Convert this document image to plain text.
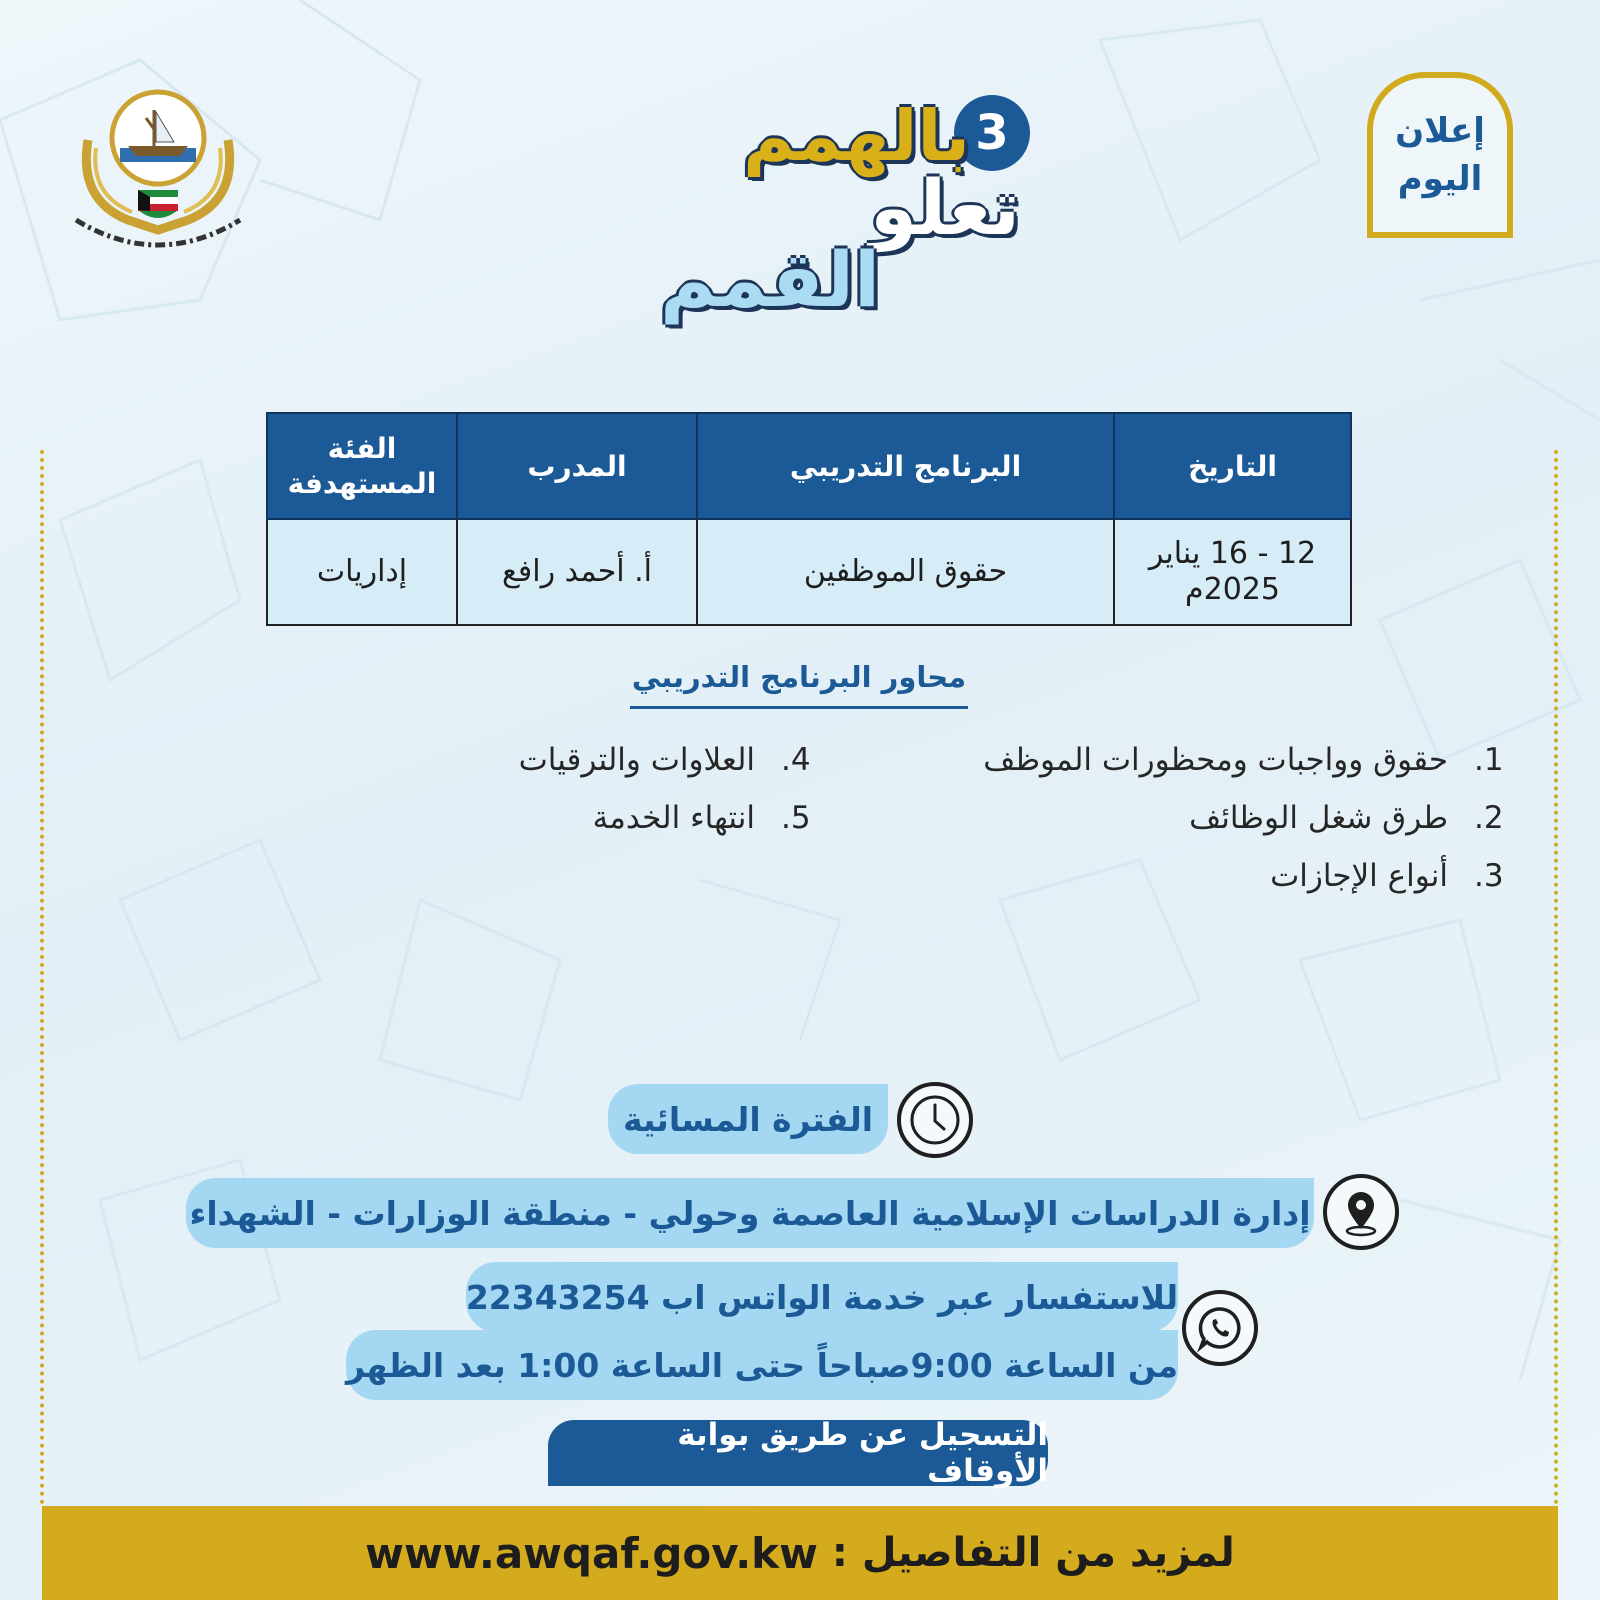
إعلان
اليوم
بالهمم
تعلو
القمم
3
التاريخ	البرنامج التدريبي	المدرب	الفئة المستهدفة
12 - 16 يناير 2025م	حقوق الموظفين	أ. أحمد رافع	إداريات
محاور البرنامج التدريبي
1.
حقوق وواجبات ومحظورات الموظف
2.
طرق شغل الوظائف
3.
أنواع الإجازات
4.
العلاوات والترقيات
5.
انتهاء الخدمة
الفترة المسائية
إدارة الدراسات الإسلامية العاصمة وحولي - منطقة الوزارات - الشهداء
للاستفسار عبر خدمة الواتس اب 22343254
من الساعة 9:00صباحاً حتى الساعة 1:00 بعد الظهر
التسجيل عن طريق بوابة الأوقاف
لمزيد من التفاصيل :
www.awqaf.gov.kw
